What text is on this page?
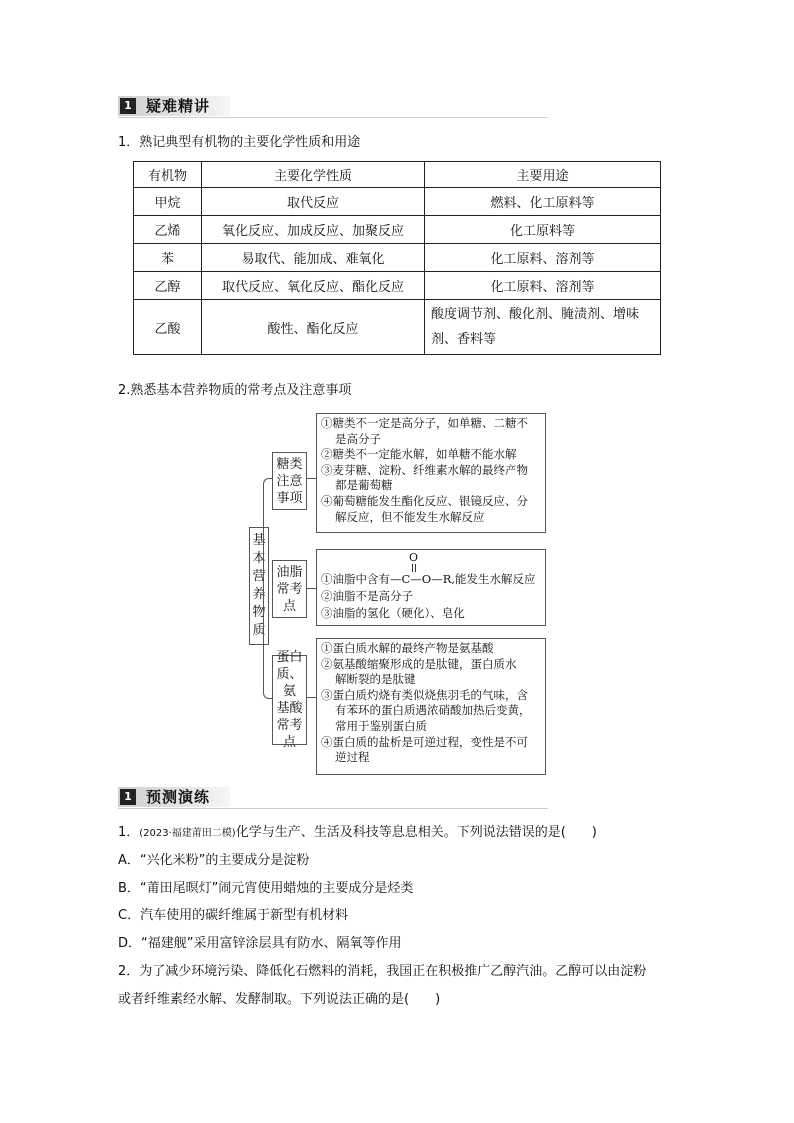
1 疑难精讲
1．熟记典型有机物的主要化学性质和用途
有机物	主要化学性质	主要用途
甲烷	取代反应	燃料、化工原料等
乙烯	氧化反应、加成反应、加聚反应	化工原料等
苯	易取代、能加成、难氧化	化工原料、溶剂等
乙醇	取代反应、氧化反应、酯化反应	化工原料、溶剂等
乙酸	酸性、酯化反应	酸度调节剂、酸化剂、腌渍剂、增味剂、香料等
2.熟悉基本营养物质的常考点及注意事项
基
本
营
养
物
质
糖类
注意
事项
①糖类不一定是高分子，如单糖、二糖不
是高分子
②糖类不一定能水解，如单糖不能水解
③麦芽糖、淀粉、纤维素水解的最终产物
都是葡萄糖
④葡萄糖能发生酯化反应、银镜反应、分
解反应，但不能发生水解反应
油脂
常考
点
O
①油脂中含有—C—O—R,能发生水解反应
②油脂不是高分子
③油脂的氢化（硬化）、皂化
蛋白
质、氨
基酸
常考
点
①蛋白质水解的最终产物是氨基酸
②氨基酸缩聚形成的是肽键，蛋白质水
解断裂的是肽键
③蛋白质灼烧有类似烧焦羽毛的气味，含
有苯环的蛋白质遇浓硝酸加热后变黄，
常用于鉴别蛋白质
④蛋白质的盐析是可逆过程，变性是不可
逆过程
1 预测演练
1．(2023·福建莆田二模)化学与生产、生活及科技等息息相关。下列说法错误的是(　　)
A．“兴化米粉”的主要成分是淀粉
B．“莆田尾暝灯”闹元宵使用蜡烛的主要成分是烃类
C．汽车使用的碳纤维属于新型有机材料
D．“福建舰”采用富锌涂层具有防水、隔氧等作用
2．为了减少环境污染、降低化石燃料的消耗，我国正在积极推广乙醇汽油。乙醇可以由淀粉
或者纤维素经水解、发酵制取。下列说法正确的是(　　)
